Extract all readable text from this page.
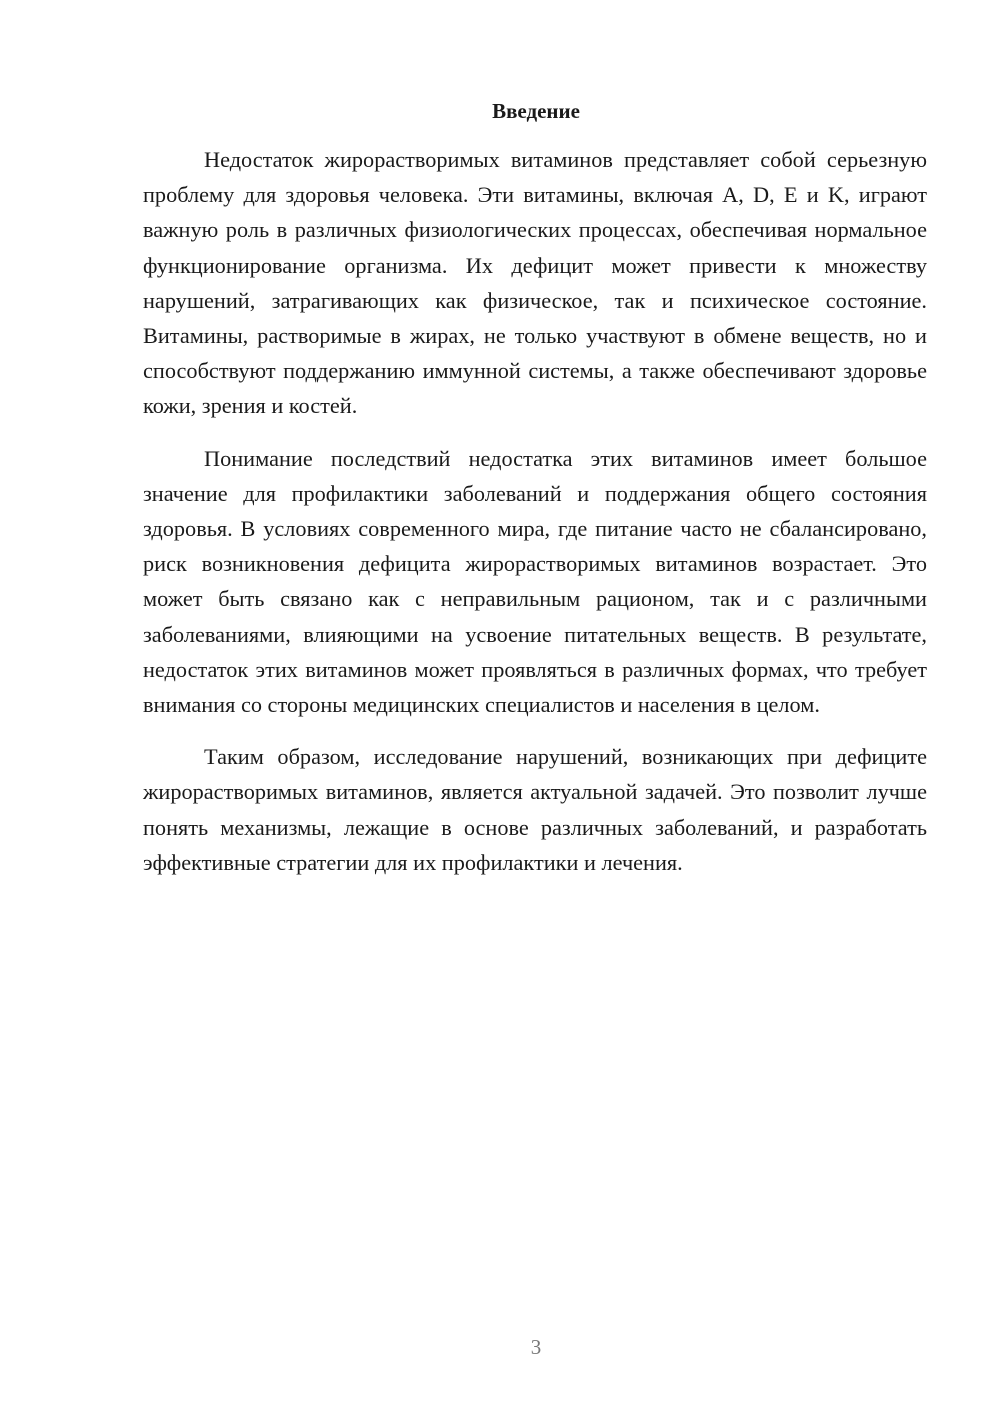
Введение

Недостаток жирорастворимых витаминов представляет собой серьезную проблему для здоровья человека. Эти витамины, включая A, D, E и K, играют важную роль в различных физиологических процессах, обеспечивая нормальное функционирование организма. Их дефицит может привести к множеству нарушений, затрагивающих как физическое, так и психическое состояние. Витамины, растворимые в жирах, не только участвуют в обмене веществ, но и способствуют поддержанию иммунной системы, а также обеспечивают здоровье кожи, зрения и костей.

Понимание последствий недостатка этих витаминов имеет большое значение для профилактики заболеваний и поддержания общего состояния здоровья. В условиях современного мира, где питание часто не сбалансировано, риск возникновения дефицита жирорастворимых витаминов возрастает. Это может быть связано как с неправильным рационом, так и с различными заболеваниями, влияющими на усвоение питательных веществ. В результате, недостаток этих витаминов может проявляться в различных формах, что требует внимания со стороны медицинских специалистов и населения в целом.

Таким образом, исследование нарушений, возникающих при дефиците жирорастворимых витаминов, является актуальной задачей. Это позволит лучше понять механизмы, лежащие в основе различных заболеваний, и разработать эффективные стратегии для их профилактики и лечения.

3
